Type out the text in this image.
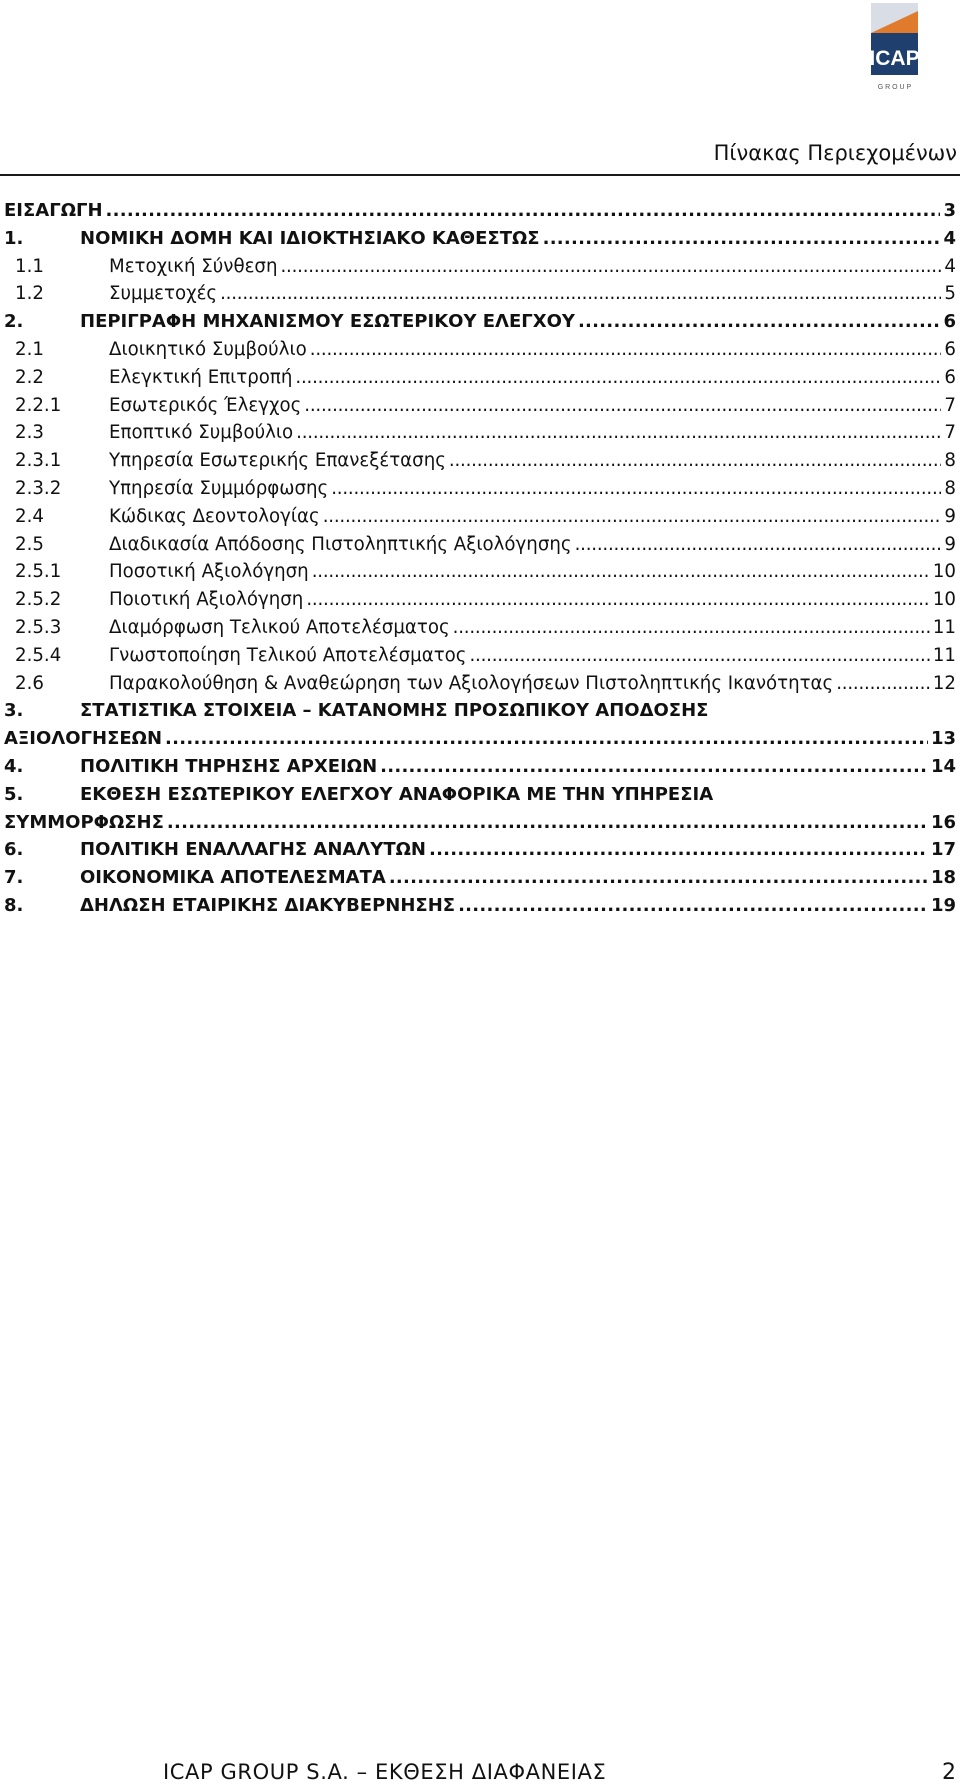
ICAP
G R O U P
Πίνακας Περιεχομένων
ΕΙΣΑΓΩΓΗ . . .	3
1.	ΝΟΜΙΚΗ ΔΟΜΗ ΚΑΙ ΙΔΙΟΚΤΗΣΙΑΚΟ ΚΑΘΕΣΤΩΣ . . .	4
1.1	Μετοχική Σύνθεση . . .	4
1.2	Συμμετοχές . . .	5
2.	ΠΕΡΙΓΡΑΦΗ ΜΗΧΑΝΙΣΜΟΥ ΕΣΩΤΕΡΙΚΟΥ ΕΛΕΓΧΟΥ . . .	6
2.1	Διοικητικό Συμβούλιο . . .	6
2.2	Ελεγκτική Επιτροπή . . .	6
2.2.1	Εσωτερικός Έλεγχος . . .	7
2.3	Εποπτικό Συμβούλιο . . .	7
2.3.1	Υπηρεσία Εσωτερικής Επανεξέτασης . . .	8
2.3.2	Υπηρεσία Συμμόρφωσης . . .	8
2.4	Κώδικας Δεοντολογίας . . .	9
2.5	Διαδικασία Απόδοσης Πιστοληπτικής Αξιολόγησης . . .	9
2.5.1	Ποσοτική Αξιολόγηση . . .	10
2.5.2	Ποιοτική Αξιολόγηση . . .	10
2.5.3	Διαμόρφωση Τελικού Αποτελέσματος . . .	11
2.5.4	Γνωστοποίηση Τελικού Αποτελέσματος . . .	11
2.6	Παρακολούθηση & Αναθεώρηση των Αξιολογήσεων Πιστοληπτικής Ικανότητας . . .	12
3.	ΣΤΑΤΙΣΤΙΚΑ ΣΤΟΙΧΕΙΑ – ΚΑΤΑΝΟΜΗΣ ΠΡΟΣΩΠΙΚΟΥ ΑΠΟΔΟΣΗΣ
ΑΞΙΟΛΟΓΗΣΕΩΝ . . .	13
4.	ΠΟΛΙΤΙΚΗ ΤΗΡΗΣΗΣ ΑΡΧΕΙΩΝ . . .	14
5.	ΕΚΘΕΣΗ ΕΣΩΤΕΡΙΚΟΥ ΕΛΕΓΧΟΥ ΑΝΑΦΟΡΙΚΑ ΜΕ ΤΗΝ ΥΠΗΡΕΣΙΑ
ΣΥΜΜΟΡΦΩΣΗΣ . . .	16
6.	ΠΟΛΙΤΙΚΗ ΕΝΑΛΛΑΓΗΣ ΑΝΑΛΥΤΩΝ . . .	17
7.	ΟΙΚΟΝΟΜΙΚΑ ΑΠΟΤΕΛΕΣΜΑΤΑ . . .	18
8.	ΔΗΛΩΣΗ ΕΤΑΙΡΙΚΗΣ ΔΙΑΚΥΒΕΡΝΗΣΗΣ . . .	19
ICAP GROUP S.A. – ΕΚΘΕΣΗ ΔΙΑΦΑΝΕΙΑΣ	2
